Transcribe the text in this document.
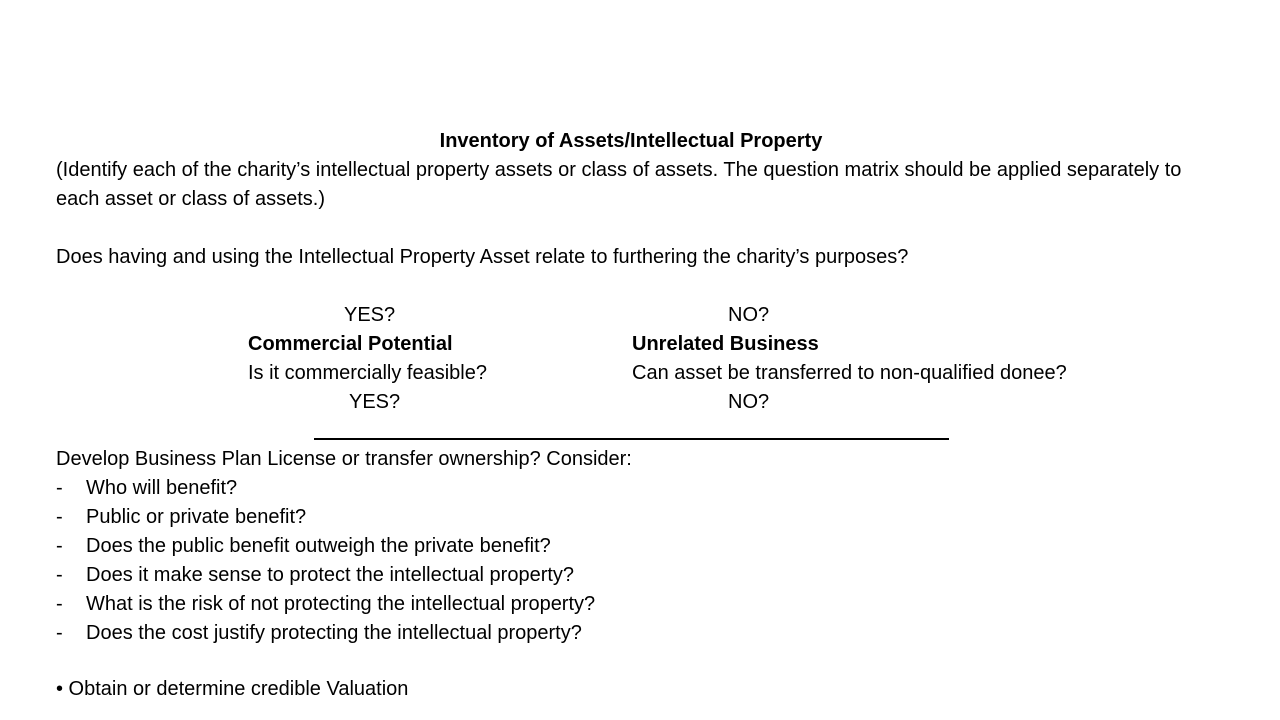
Inventory of Assets/Intellectual Property
(Identify each of the charity’s intellectual property assets or class of assets. The question matrix should be applied separately to each asset or class of assets.)
Does having and using the Intellectual Property Asset relate to furthering the charity’s purposes?
YES?
Commercial Potential
Is it commercially feasible?
YES?
NO?
Unrelated Business
Can asset be transferred to non-qualified donee?
NO?
Develop Business Plan License or transfer ownership? Consider:
- Who will benefit?
- Public or private benefit?
- Does the public benefit outweigh the private benefit?
- Does it make sense to protect the intellectual property?
- What is the risk of not protecting the intellectual property?
- Does the cost justify protecting the intellectual property?
• Obtain or determine credible Valuation
